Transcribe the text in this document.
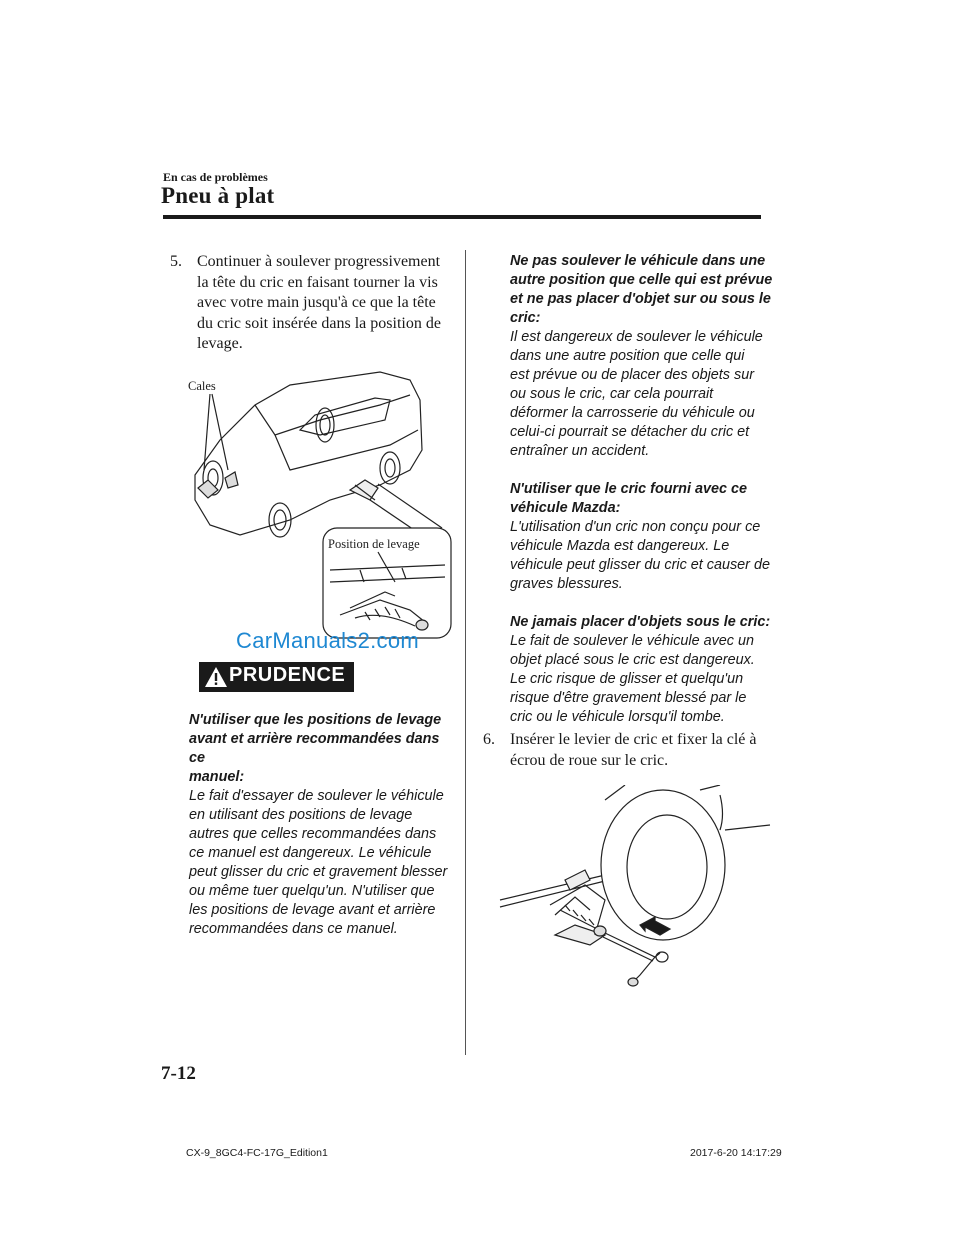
En cas de problèmes
Pneu à plat
5. Continuer à soulever progressivement
la tête du cric en faisant tourner la vis
avec votre main jusqu'à ce que la tête
du cric soit insérée dans la position de
levage.
Cales
Position de levage
CarManuals2.com
PRUDENCE
N'utiliser que les positions de levage
avant et arrière recommandées dans ce
manuel:
Le fait d'essayer de soulever le véhicule
en utilisant des positions de levage
autres que celles recommandées dans
ce manuel est dangereux. Le véhicule
peut glisser du cric et gravement blesser
ou même tuer quelqu'un. N'utiliser que
les positions de levage avant et arrière
recommandées dans ce manuel.
Ne pas soulever le véhicule dans une
autre position que celle qui est prévue
et ne pas placer d'objet sur ou sous le
cric:

Il est dangereux de soulever le véhicule
dans une autre position que celle qui
est prévue ou de placer des objets sur
ou sous le cric, car cela pourrait
déformer la carrosserie du véhicule ou
celui-ci pourrait se détacher du cric et
entraîner un accident.

N'utiliser que le cric fourni avec ce
véhicule Mazda:

L'utilisation d'un cric non conçu pour ce
véhicule Mazda est dangereux. Le
véhicule peut glisser du cric et causer de
graves blessures.

Ne jamais placer d'objets sous le cric:
Le fait de soulever le véhicule avec un
objet placé sous le cric est dangereux.
Le cric risque de glisser et quelqu'un
risque d'être gravement blessé par le
cric ou le véhicule lorsqu'il tombe.
6. Insérer le levier de cric et fixer la clé à
écrou de roue sur le cric.
7-12
CX-9_8GC4-FC-17G_Edition1	2017-6-20 14:17:29
